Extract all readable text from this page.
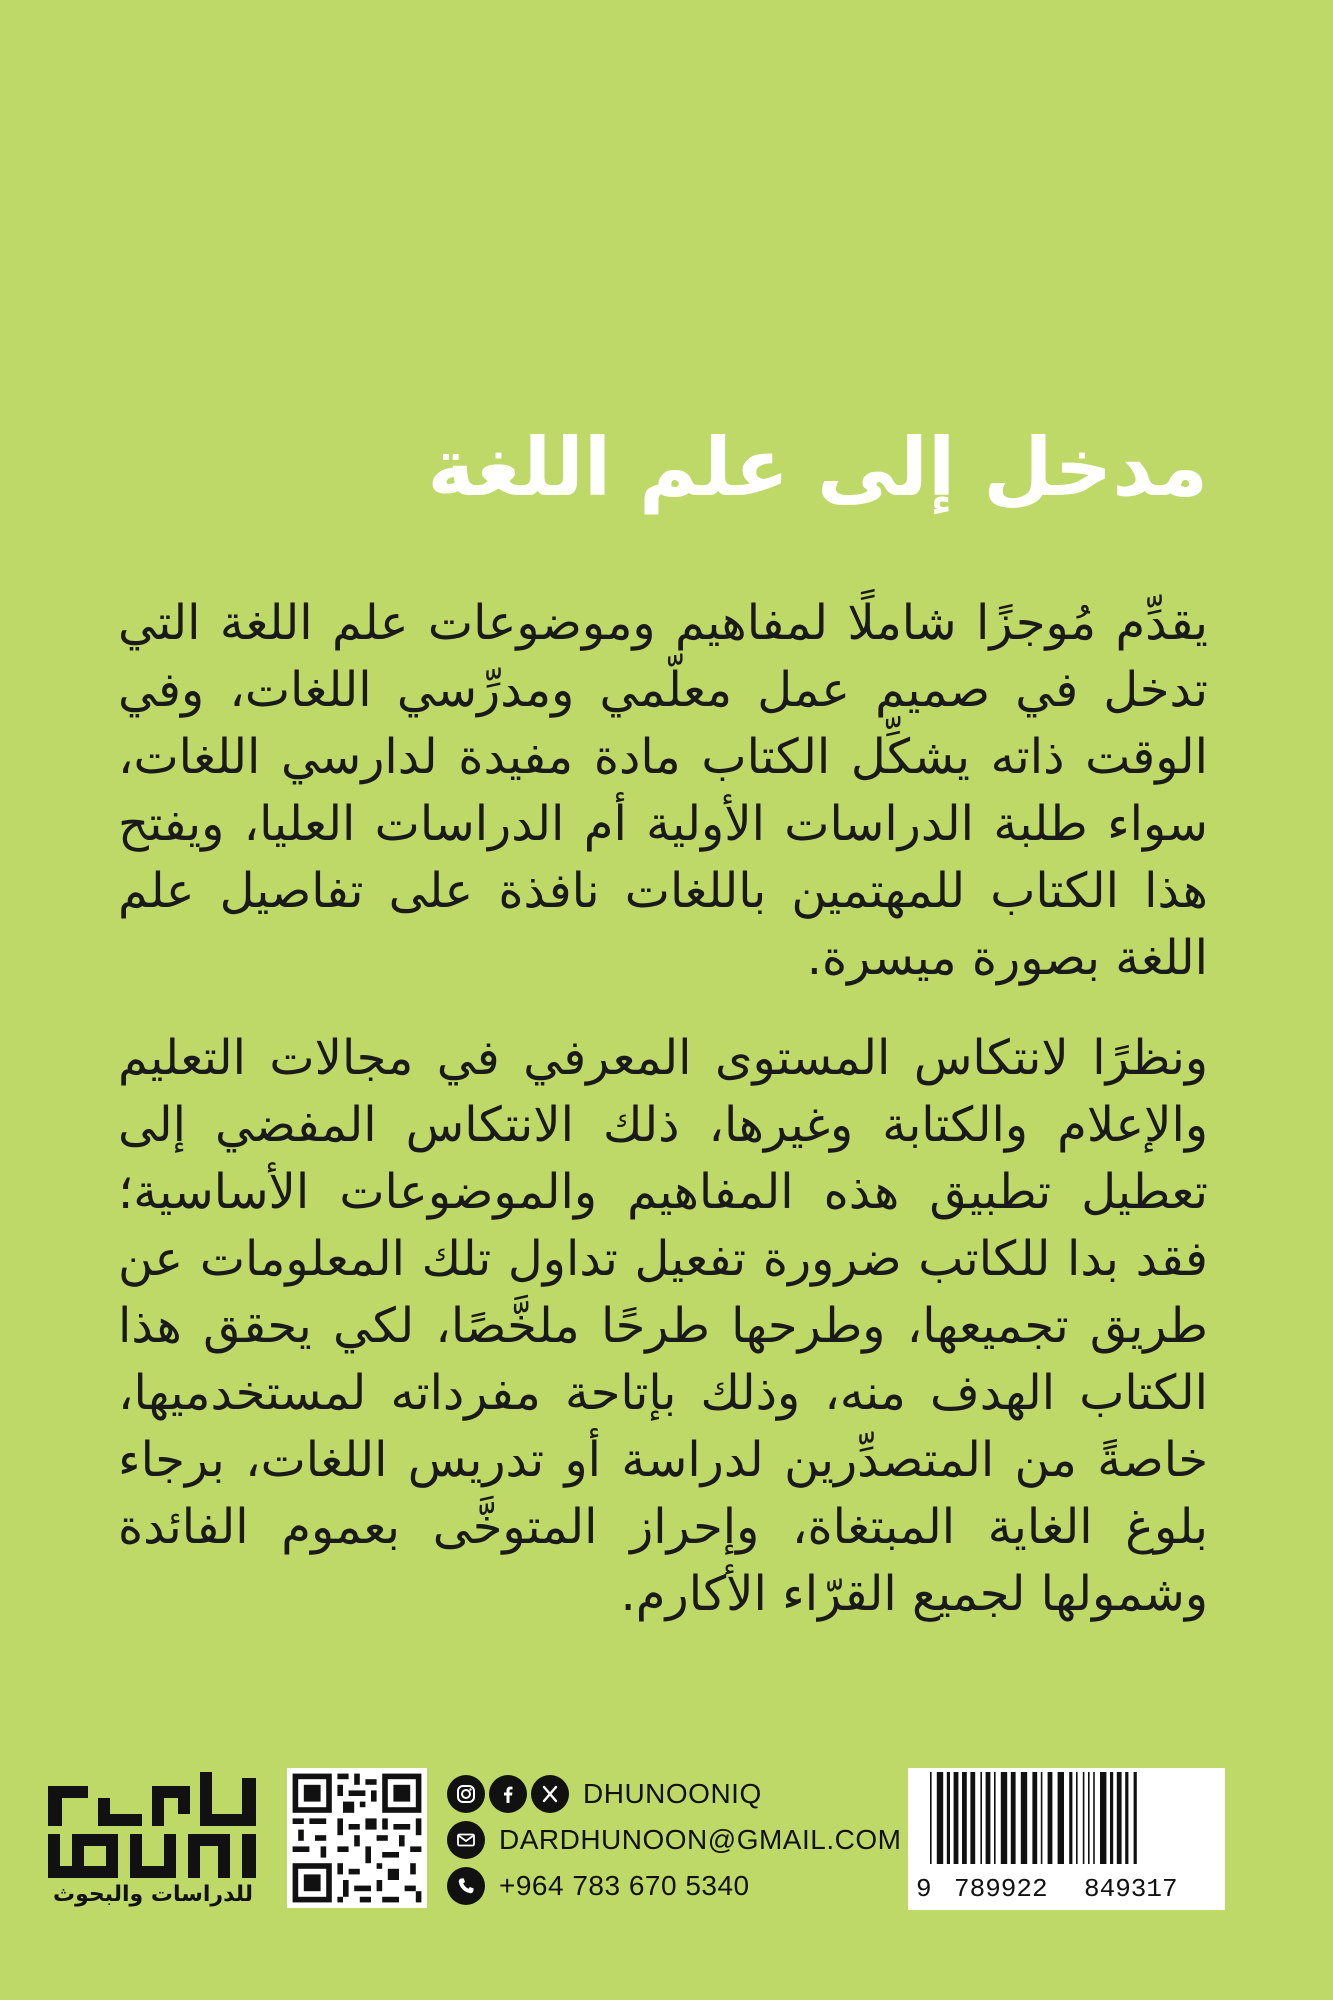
مدخل إلى علم اللغة

يقدِّم مُوجزًا شاملًا لمفاهيم وموضوعات علم اللغة التي تدخل في صميم عمل معلّمي ومدرِّسي اللغات، وفي الوقت ذاته يشكِّل الكتاب مادة مفيدة لدارسي اللغات، سواء طلبة الدراسات الأولية أم الدراسات العليا، ويفتح هذا الكتاب للمهتمين باللغات نافذة على تفاصيل علم اللغة بصورة ميسرة.

ونظرًا لانتكاس المستوى المعرفي في مجالات التعليم والإعلام والكتابة وغيرها، ذلك الانتكاس المفضي إلى تعطيل تطبيق هذه المفاهيم والموضوعات الأساسية؛ فقد بدا للكاتب ضرورة تفعيل تداول تلك المعلومات عن طريق تجميعها، وطرحها طرحًا ملخَّصًا، لكي يحقق هذا الكتاب الهدف منه، وذلك بإتاحة مفرداته لمستخدميها، خاصةً من المتصدِّرين لدراسة أو تدريس اللغات، برجاء بلوغ الغاية المبتغاة، وإحراز المتوخَّى بعموم الفائدة وشمولها لجميع القرّاء الأكارم.

للدراسات والبحوث
DHUNOONIQ
DARDHUNOON@GMAIL.COM
+964 783 670 5340	9 789922 849317
